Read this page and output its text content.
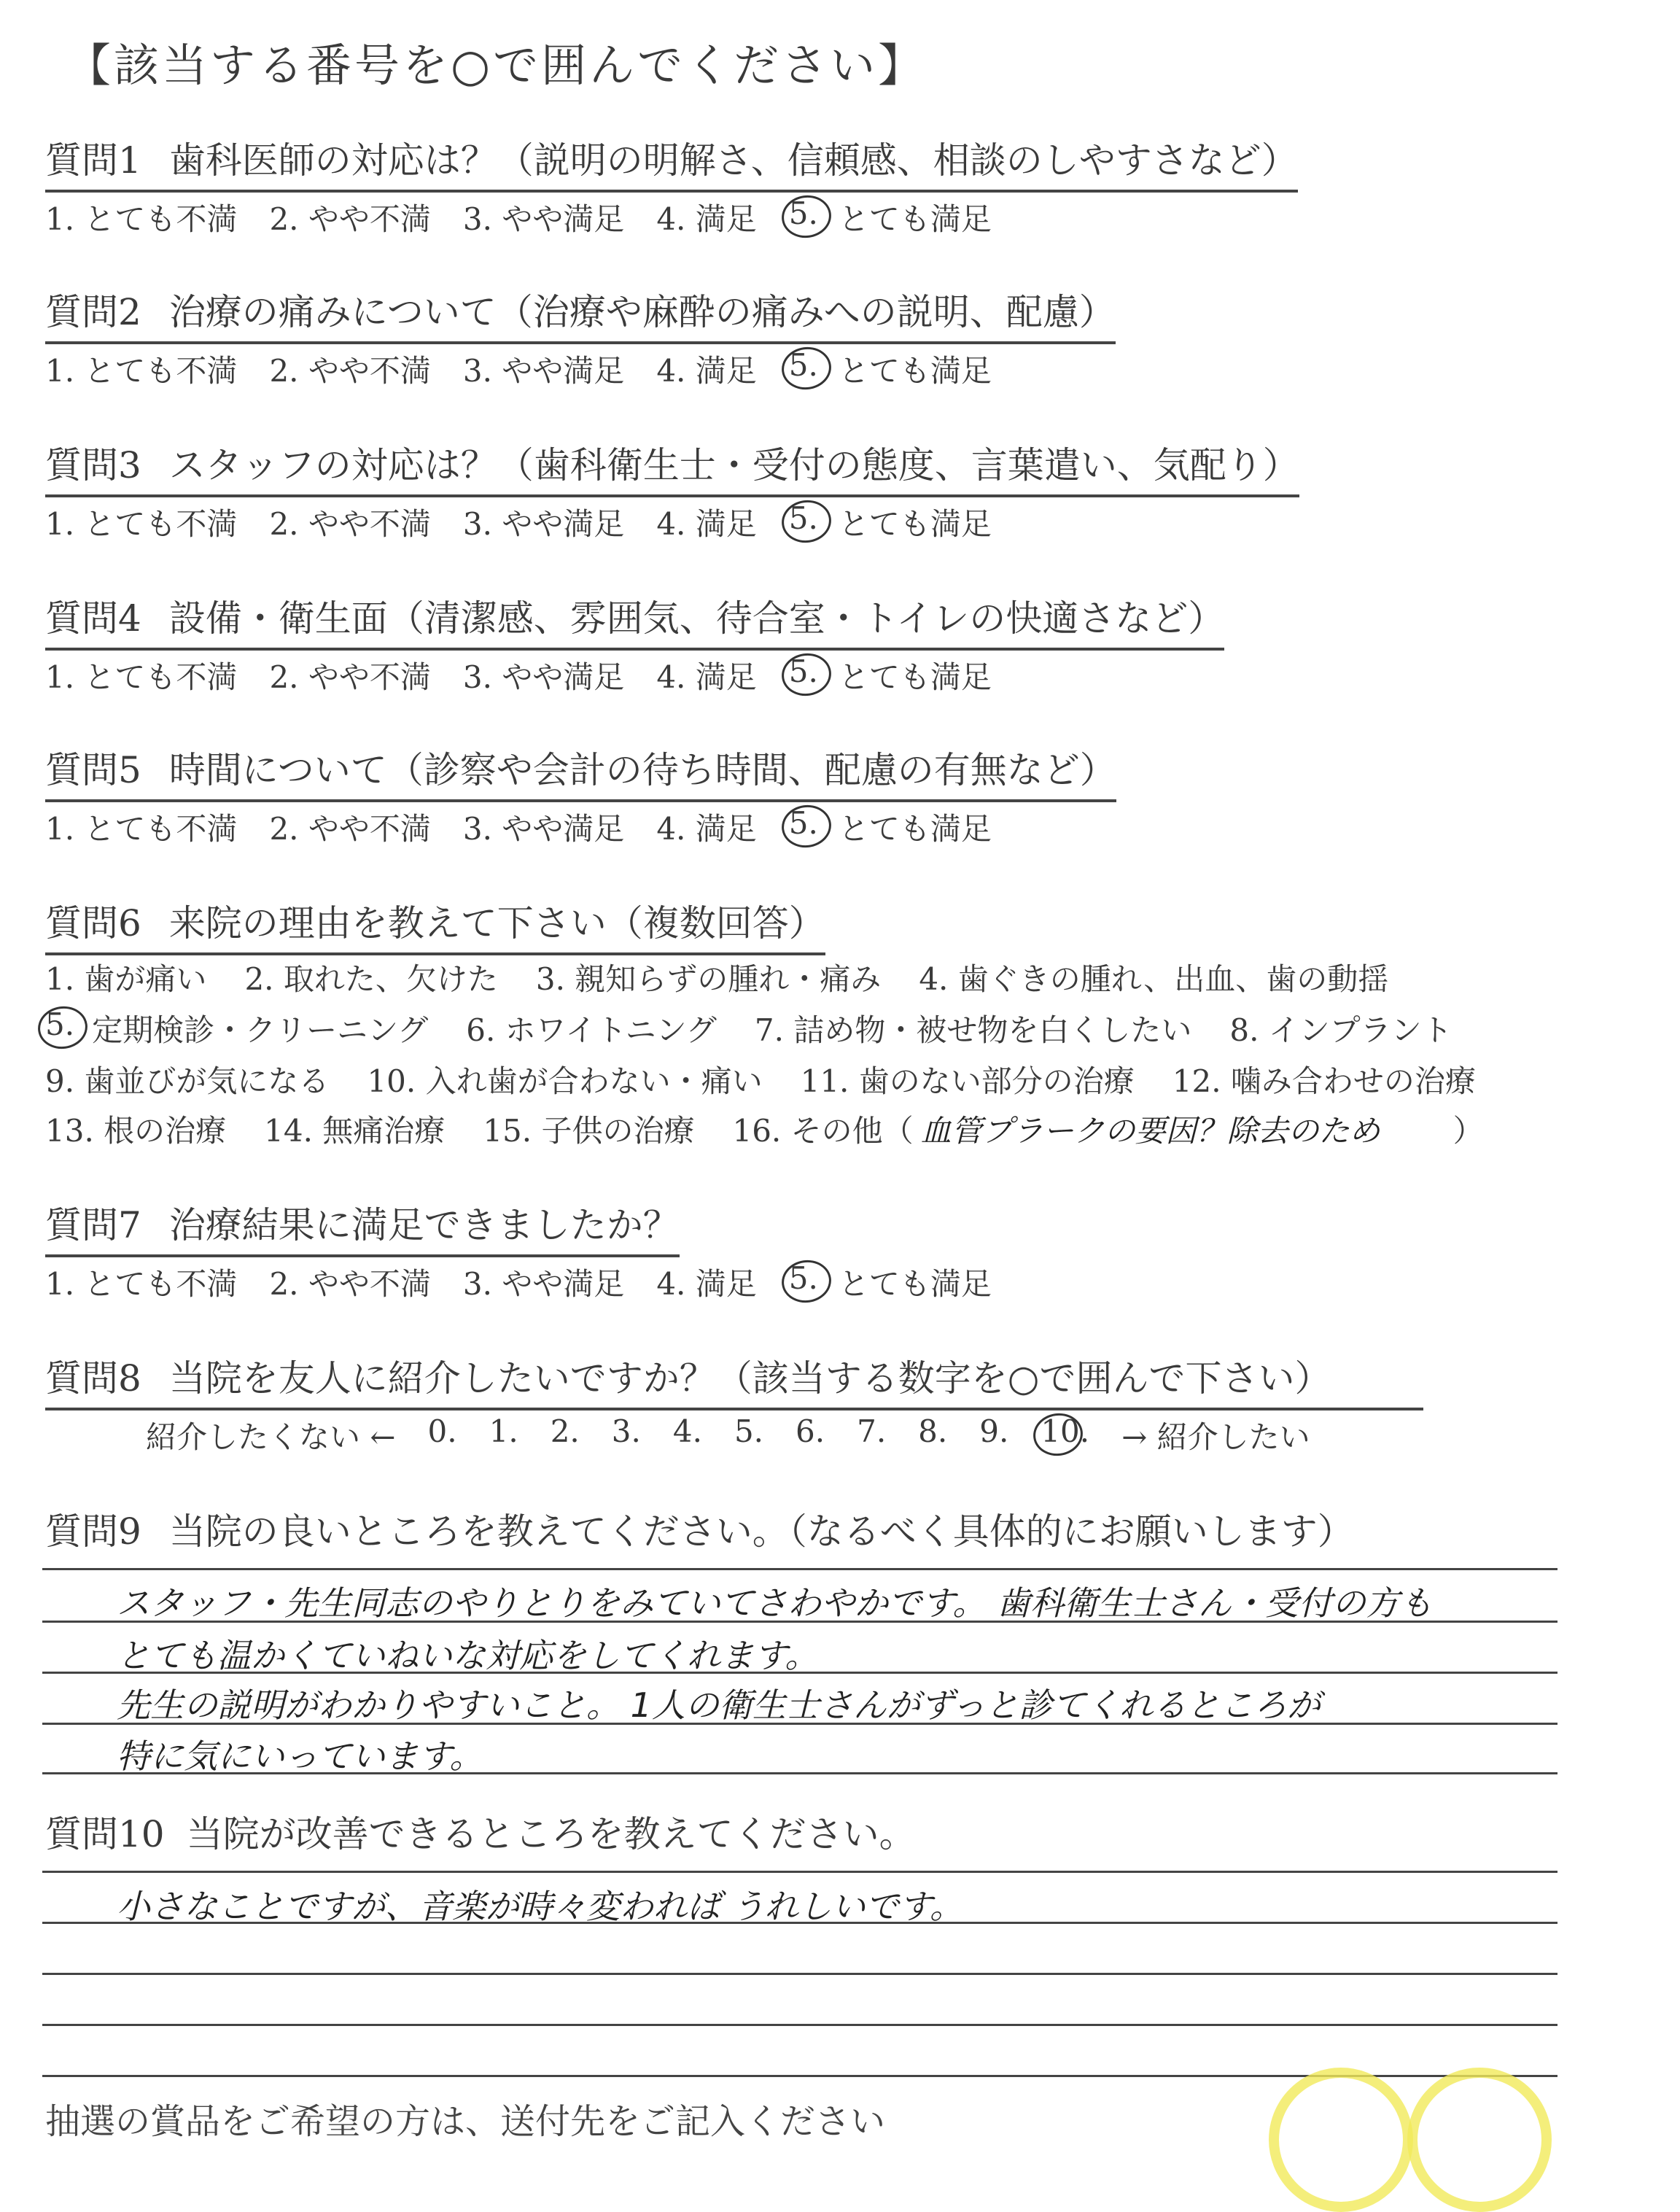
【該当する番号を○で囲んでください】
質問1 歯科医師の対応は？（説明の明解さ、信頼感、相談のしやすさなど）
1. とても不満 2. やや不満 3. やや満足 4. 満足 5. とても満足
質問2 治療の痛みについて（治療や麻酔の痛みへの説明、配慮）
1. とても不満 2. やや不満 3. やや満足 4. 満足 5. とても満足
質問3 スタッフの対応は？（歯科衛生士・受付の態度、言葉遣い、気配り）
1. とても不満 2. やや不満 3. やや満足 4. 満足 5. とても満足
質問4 設備・衛生面（清潔感、雰囲気、待合室・トイレの快適さなど）
1. とても不満 2. やや不満 3. やや満足 4. 満足 5. とても満足
質問5 時間について（診察や会計の待ち時間、配慮の有無など）
1. とても不満 2. やや不満 3. やや満足 4. 満足 5. とても満足
質問6 来院の理由を教えて下さい（複数回答）
1. 歯が痛い 2. 取れた、欠けた 3. 親知らずの腫れ・痛み 4. 歯ぐきの腫れ、出血、歯の動揺
5. 定期検診・クリーニング 6. ホワイトニング 7. 詰め物・被せ物を白くしたい 8. インプラント
9. 歯並びが気になる 10. 入れ歯が合わない・痛い 11. 歯のない部分の治療 12. 噛み合わせの治療
13. 根の治療 14. 無痛治療 15. 子供の治療 16. その他（ 血管プラークの要因？除去のため ）
質問7 治療結果に満足できましたか？
1. とても不満 2. やや不満 3. やや満足 4. 満足 5. とても満足
質問8 当院を友人に紹介したいですか？（該当する数字を○で囲んで下さい）
紹介したくない ← 0. 1. 2. 3. 4. 5. 6. 7. 8. 9. 10. → 紹介したい
質問9 当院の良いところを教えてください。（なるべく具体的にお願いします）
スタッフ・先生同志のやりとりをみていてさわやかです。 歯科衛生士さん・受付の方も
とても温かくていねいな対応をしてくれます。
先生の説明がわかりやすいこと。 1人の衛生士さんがずっと診てくれるところが
特に気にいっています。
質問10 当院が改善できるところを教えてください。
小さなことですが、音楽が時々変われば うれしいです。
抽選の賞品をご希望の方は、送付先をご記入ください
